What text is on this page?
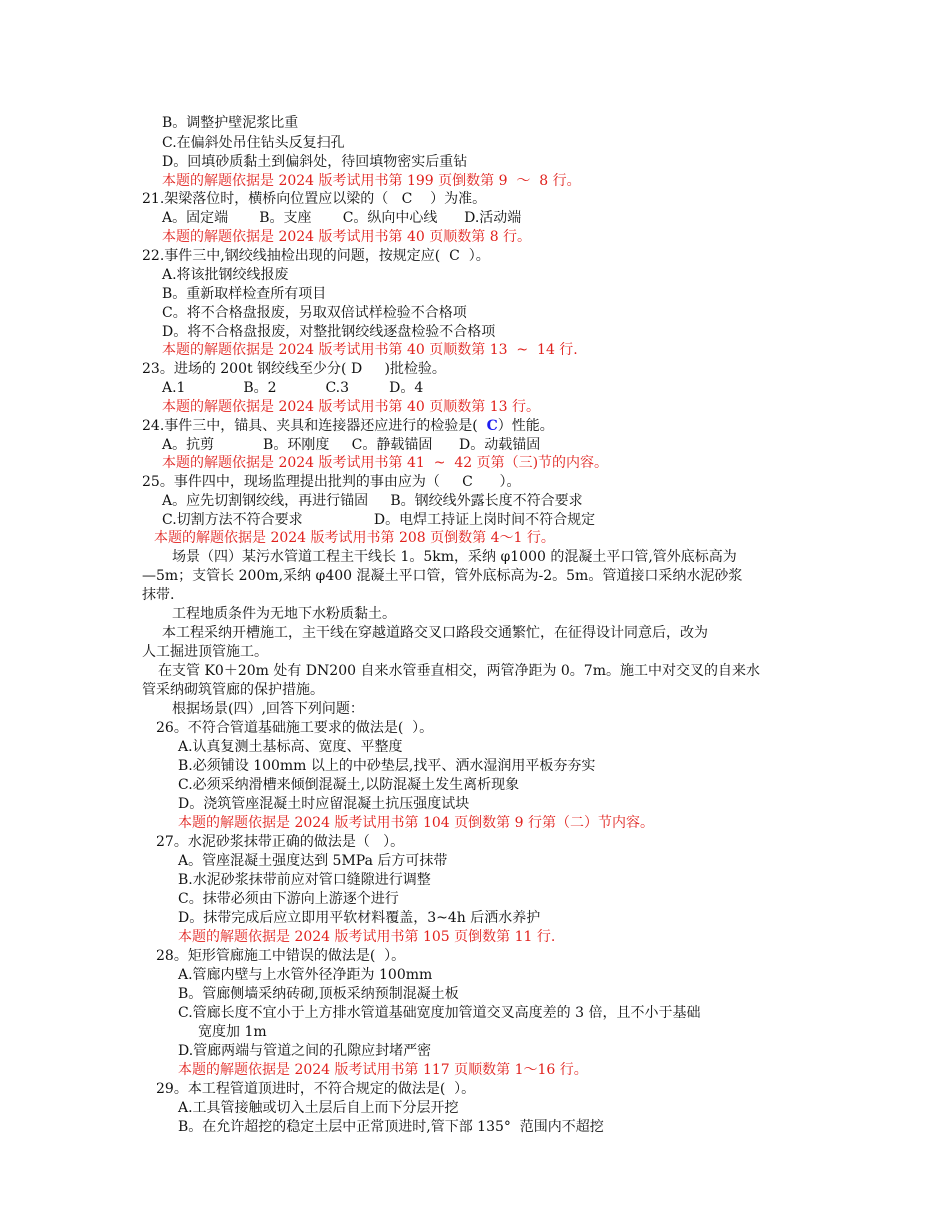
B。调整护壁泥浆比重
C.在偏斜处吊住钻头反复扫孔
D。回填砂质黏土到偏斜处，待回填物密实后重钻
本题的解题依据是 2024 版考试用书第 199 页倒数第 9  ～  8 行。
21.架梁落位时，横桥向位置应以梁的（   C    ）为准。
A。固定端       B。支座       C。纵向中心线      D.活动端
本题的解题依据是 2024 版考试用书第 40 页顺数第 8 行。
22.事件三中,钢绞线抽检出现的问题，按规定应(  C  ）。
A.将该批钢绞线报废
B。重新取样检查所有项目
C。将不合格盘报废，另取双倍试样检验不合格项
D。将不合格盘报废，对整批钢绞线逐盘检验不合格项
本题的解题依据是 2024 版考试用书第 40 页顺数第 13  ~  14 行.
23。进场的 200t 钢绞线至少分( D     )批检验。
A.1             B。2           C.3         D。4
本题的解题依据是 2024 版考试用书第 40 页顺数第 13 行。
24.事件三中，锚具、夹具和连接器还应进行的检验是(  C）性能。
A。抗剪           B。环刚度     C。静载锚固      D。动载锚固
本题的解题依据是 2024 版考试用书第 41  ~  42 页第（三)节的内容。
25。事件四中，现场监理提出批判的事由应为（     C      ）。
A。应先切割钢绞线，再进行锚固     B。钢绞线外露长度不符合要求
C.切割方法不符合要求                D。电焊工持证上岗时间不符合规定
本题的解题依据是 2024 版考试用书第 208 页倒数第 4～1 行。
场景（四）某污水管道工程主干线长 1。5km，采纳 φ1000 的混凝土平口管,管外底标高为
—5m；支管长 200m,采纳 φ400 混凝土平口管，管外底标高为-2。5m。管道接口采纳水泥砂浆
抹带.
工程地质条件为无地下水粉质黏土。
本工程采纳开槽施工，主干线在穿越道路交叉口路段交通繁忙，在征得设计同意后，改为
人工掘进顶管施工。
在支管 K0＋20m 处有 DN200 自来水管垂直相交，两管净距为 0。7m。施工中对交叉的自来水
管采纳砌筑管廊的保护措施。
根据场景(四）,回答下列问题：
26。不符合管道基础施工要求的做法是(  ）。
A.认真复测土基标高、宽度、平整度
B.必须铺设 100mm 以上的中砂垫层,找平、洒水湿润用平板夯夯实
C.必须采纳滑槽来倾倒混凝土,以防混凝土发生离析现象
D。浇筑管座混凝土时应留混凝土抗压强度试块
本题的解题依据是 2024 版考试用书第 104 页倒数第 9 行第（二）节内容。
27。水泥砂浆抹带正确的做法是（   ）。
A。管座混凝土强度达到 5MPa 后方可抹带
B.水泥砂浆抹带前应对管口缝隙进行调整
C。抹带必须由下游向上游逐个进行
D。抹带完成后应立即用平软材料覆盖，3~4h 后洒水养护
本题的解题依据是 2024 版考试用书第 105 页倒数第 11 行.
28。矩形管廊施工中错误的做法是(  ）。
A.管廊内壁与上水管外径净距为 100mm
B。管廊侧墙采纳砖砌,顶板采纳预制混凝土板
C.管廊长度不宜小于上方排水管道基础宽度加管道交叉高度差的 3 倍，且不小于基础
宽度加 1m
D.管廊两端与管道之间的孔隙应封堵严密
本题的解题依据是 2024 版考试用书第 117 页顺数第 1～16 行。
29。本工程管道顶进时，不符合规定的做法是(  ）。
A.工具管接触或切入土层后自上而下分层开挖
B。在允许超挖的稳定土层中正常顶进时,管下部 135°  范围内不超挖
